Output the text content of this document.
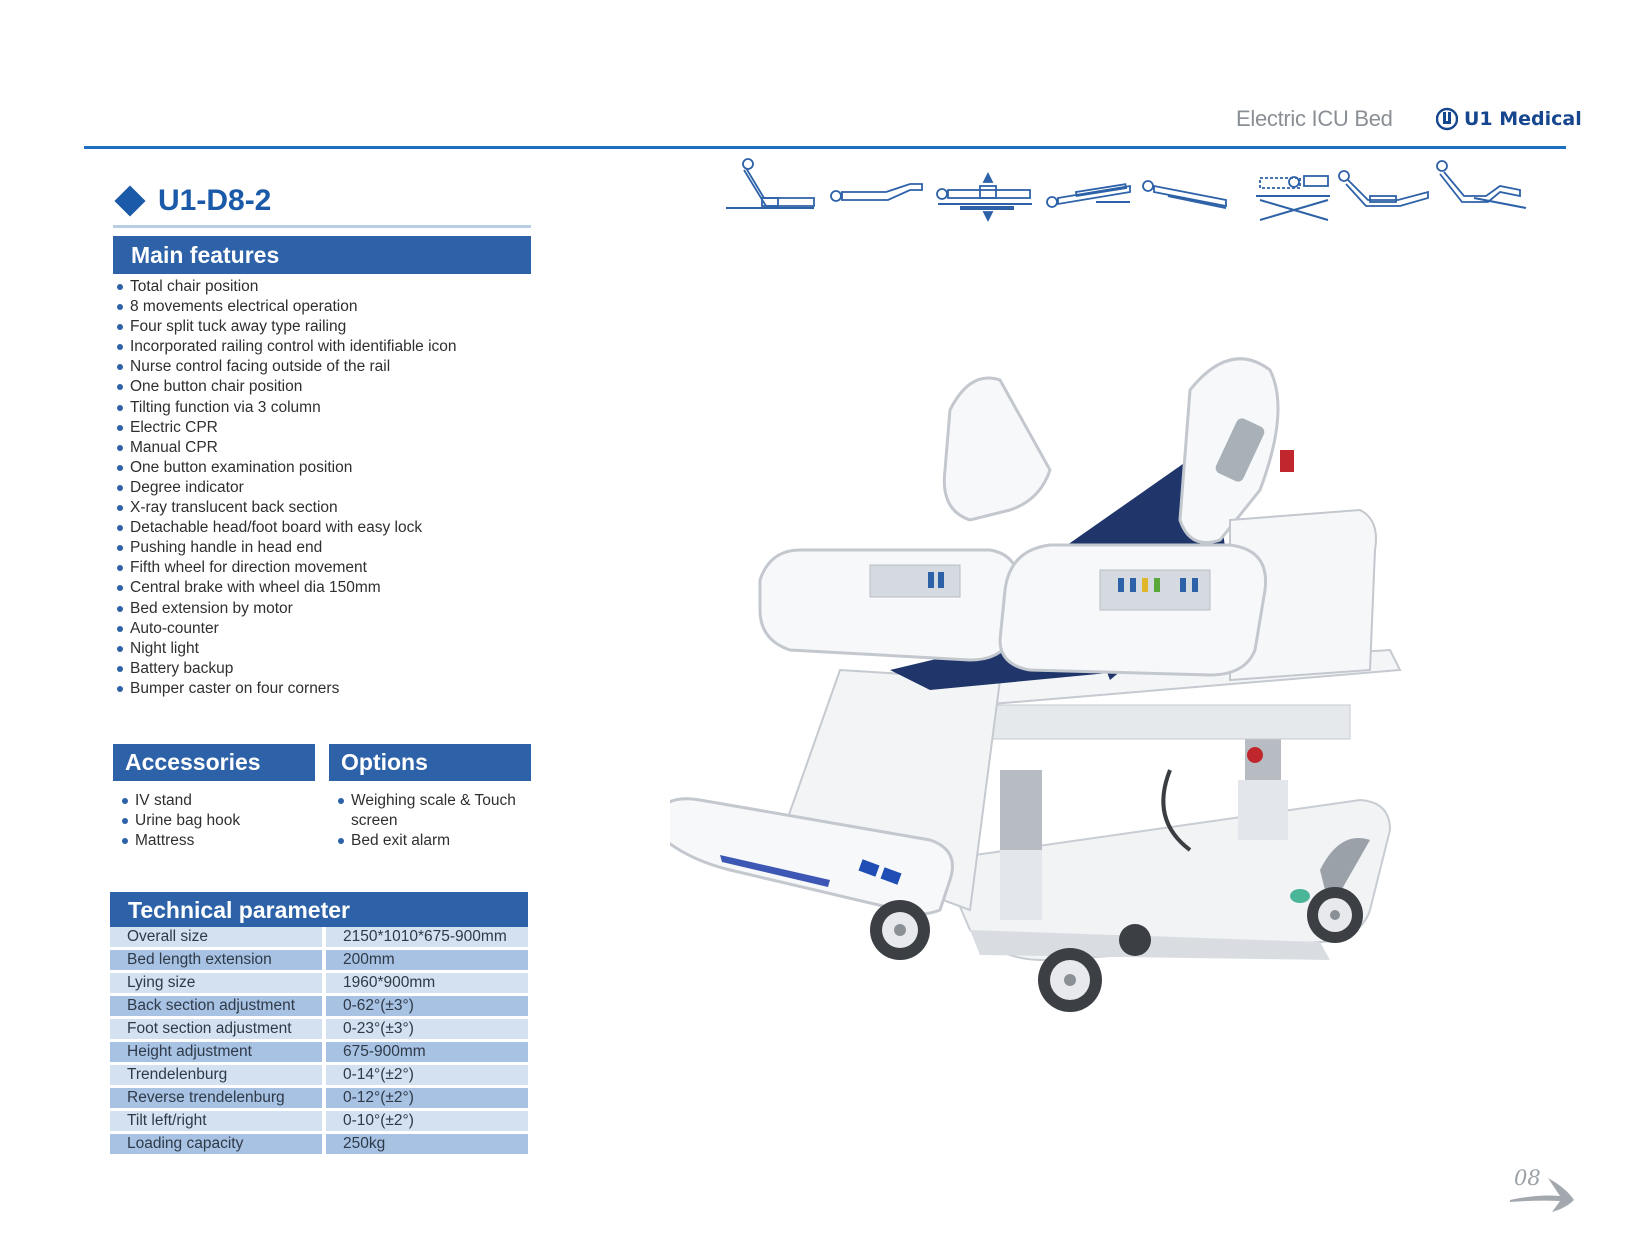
Electric ICU Bed	U1 Medical
U1-D8-2
Main features
Total chair position
8 movements electrical operation
Four split tuck away type railing
Incorporated railing control with identifiable icon
Nurse control facing outside of the rail
One button chair position
Tilting function via 3 column
Electric CPR
Manual CPR
One button examination position
Degree indicator
X-ray translucent back section
Detachable head/foot board with easy lock
Pushing handle in head end
Fifth wheel for direction movement
Central brake with wheel dia 150mm
Bed extension by motor
Auto-counter
Night light
Battery backup
Bumper caster on four corners
Accessories
IV stand
Urine bag hook
Mattress
Options
Weighing scale & Touch screen
Bed exit alarm
Technical parameter
Overall size	2150*1010*675-900mm
Bed length extension	200mm
Lying size	1960*900mm
Back section adjustment	0-62°(±3°)
Foot section adjustment	0-23°(±3°)
Height adjustment	675-900mm
Trendelenburg	0-14°(±2°)
Reverse trendelenburg	0-12°(±2°)
Tilt left/right	0-10°(±2°)
Loading capacity	250kg
08
